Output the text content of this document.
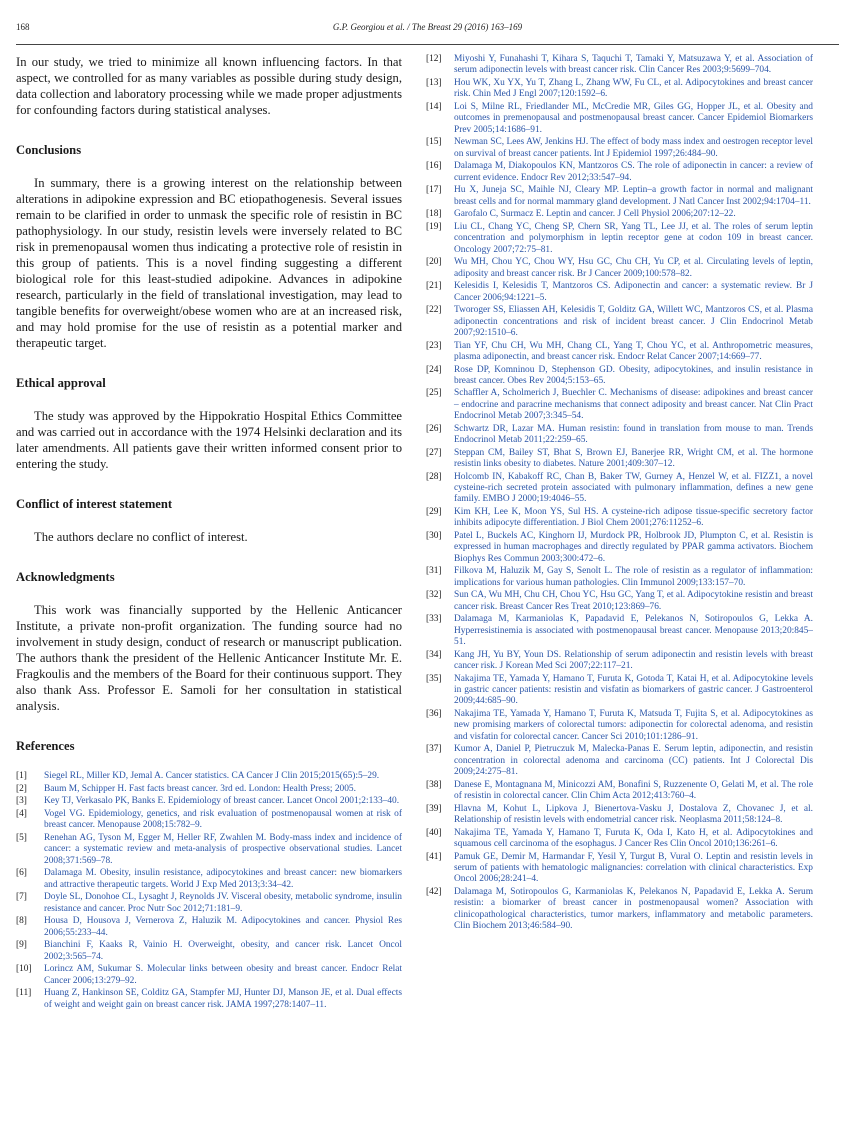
168	G.P. Georgiou et al. / The Breast 29 (2016) 163–169

In our study, we tried to minimize all known influencing factors. In that aspect, we controlled for as many variables as possible during study design, data collection and laboratory processing while we made proper adjustments for confounding factors during statistical analyses.

Conclusions

In summary, there is a growing interest on the relationship between alterations in adipokine expression and BC etiopathogenesis. Several issues remain to be clarified in order to unmask the specific role of resistin in BC pathophysiology. In our study, resistin levels were inversely related to BC risk in premenopausal women thus indicating a protective role of resistin in this group of patients. This is a novel finding suggesting a different biological role for this least-studied adipokine. Advances in adipokine research, particularly in the field of translational investigation, may lead to tangible benefits for overweight/obese women who are at an increased risk, and may hold promise for the use of resistin as a potential marker and therapeutic target.

Ethical approval

The study was approved by the Hippokratio Hospital Ethics Committee and was carried out in accordance with the 1974 Helsinki declaration and its later amendments. All patients gave their written informed consent prior to entering the study.

Conflict of interest statement

The authors declare no conflict of interest.

Acknowledgments

This work was financially supported by the Hellenic Anticancer Institute, a private non-profit organization. The funding source had no involvement in study design, conduct of research or manuscript publication. The authors thank the president of the Hellenic Anticancer Institute Mr. E. Fragkoulis and the members of the Board for their continuous support. They also thank Ass. Professor E. Samoli for her consultation in statistical analysis.

References
[1] Siegel RL, Miller KD, Jemal A. Cancer statistics. CA Cancer J Clin 2015;2015(65):5–29.
[2] Baum M, Schipper H. Fast facts breast cancer. 3rd ed. London: Health Press; 2005.
[3] Key TJ, Verkasalo PK, Banks E. Epidemiology of breast cancer. Lancet Oncol 2001;2:133–40.
[4] Vogel VG. Epidemiology, genetics, and risk evaluation of postmenopausal women at risk of breast cancer. Menopause 2008;15:782–9.
[5] Renehan AG, Tyson M, Egger M, Heller RF, Zwahlen M. Body-mass index and incidence of cancer: a systematic review and meta-analysis of prospective observational studies. Lancet 2008;371:569–78.
[6] Dalamaga M. Obesity, insulin resistance, adipocytokines and breast cancer: new biomarkers and attractive therapeutic targets. World J Exp Med 2013;3:34–42.
[7] Doyle SL, Donohoe CL, Lysaght J, Reynolds JV. Visceral obesity, metabolic syndrome, insulin resistance and cancer. Proc Nutr Soc 2012;71:181–9.
[8] Housa D, Housova J, Vernerova Z, Haluzik M. Adipocytokines and cancer. Physiol Res 2006;55:233–44.
[9] Bianchini F, Kaaks R, Vainio H. Overweight, obesity, and cancer risk. Lancet Oncol 2002;3:565–74.
[10] Lorincz AM, Sukumar S. Molecular links between obesity and breast cancer. Endocr Relat Cancer 2006;13:279–92.
[11] Huang Z, Hankinson SE, Colditz GA, Stampfer MJ, Hunter DJ, Manson JE, et al. Dual effects of weight and weight gain on breast cancer risk. JAMA 1997;278:1407–11.
[12] Miyoshi Y, Funahashi T, Kihara S, Taquchi T, Tamaki Y, Matsuzawa Y, et al. Association of serum adiponectin levels with breast cancer risk. Clin Cancer Res 2003;9:5699–704.
[13] Hou WK, Xu YX, Yu T, Zhang L, Zhang WW, Fu CL, et al. Adipocytokines and breast cancer risk. Chin Med J Engl 2007;120:1592–6.
[14] Loi S, Milne RL, Friedlander ML, McCredie MR, Giles GG, Hopper JL, et al. Obesity and outcomes in premenopausal and postmenopausal breast cancer. Cancer Epidemiol Biomarkers Prev 2005;14:1686–91.
[15] Newman SC, Lees AW, Jenkins HJ. The effect of body mass index and oestrogen receptor level on survival of breast cancer patients. Int J Epidemiol 1997;26:484–90.
[16] Dalamaga M, Diakopoulos KN, Mantzoros CS. The role of adiponectin in cancer: a review of current evidence. Endocr Rev 2012;33:547–94.
[17] Hu X, Juneja SC, Maihle NJ, Cleary MP. Leptin–a growth factor in normal and malignant breast cells and for normal mammary gland development. J Natl Cancer Inst 2002;94:1704–11.
[18] Garofalo C, Surmacz E. Leptin and cancer. J Cell Physiol 2006;207:12–22.
[19] Liu CL, Chang YC, Cheng SP, Chern SR, Yang TL, Lee JJ, et al. The roles of serum leptin concentration and polymorphism in leptin receptor gene at codon 109 in breast cancer. Oncology 2007;72:75–81.
[20] Wu MH, Chou YC, Chou WY, Hsu GC, Chu CH, Yu CP, et al. Circulating levels of leptin, adiposity and breast cancer risk. Br J Cancer 2009;100:578–82.
[21] Kelesidis I, Kelesidis T, Mantzoros CS. Adiponectin and cancer: a systematic review. Br J Cancer 2006;94:1221–5.
[22] Tworoger SS, Eliassen AH, Kelesidis T, Golditz GA, Willett WC, Mantzoros CS, et al. Plasma adiponectin concentrations and risk of incident breast cancer. J Clin Endocrinol Metab 2007;92:1510–6.
[23] Tian YF, Chu CH, Wu MH, Chang CL, Yang T, Chou YC, et al. Anthropometric measures, plasma adiponectin, and breast cancer risk. Endocr Relat Cancer 2007;14:669–77.
[24] Rose DP, Komninou D, Stephenson GD. Obesity, adipocytokines, and insulin resistance in breast cancer. Obes Rev 2004;5:153–65.
[25] Schaffler A, Scholmerich J, Buechler C. Mechanisms of disease: adipokines and breast cancer – endocrine and paracrine mechanisms that connect adiposity and breast cancer. Nat Clin Pract Endocrinol Metab 2007;3:345–54.
[26] Schwartz DR, Lazar MA. Human resistin: found in translation from mouse to man. Trends Endocrinol Metab 2011;22:259–65.
[27] Steppan CM, Bailey ST, Bhat S, Brown EJ, Banerjee RR, Wright CM, et al. The hormone resistin links obesity to diabetes. Nature 2001;409:307–12.
[28] Holcomb IN, Kabakoff RC, Chan B, Baker TW, Gurney A, Henzel W, et al. FIZZ1, a novel cysteine-rich secreted protein associated with pulmonary inflammation, defines a new gene family. EMBO J 2000;19:4046–55.
[29] Kim KH, Lee K, Moon YS, Sul HS. A cysteine-rich adipose tissue-specific secretory factor inhibits adipocyte differentiation. J Biol Chem 2001;276:11252–6.
[30] Patel L, Buckels AC, Kinghorn IJ, Murdock PR, Holbrook JD, Plumpton C, et al. Resistin is expressed in human macrophages and directly regulated by PPAR gamma activators. Biochem Biophys Res Commun 2003;300:472–6.
[31] Filkova M, Haluzik M, Gay S, Senolt L. The role of resistin as a regulator of inflammation: implications for various human pathologies. Clin Immunol 2009;133:157–70.
[32] Sun CA, Wu MH, Chu CH, Chou YC, Hsu GC, Yang T, et al. Adipocytokine resistin and breast cancer risk. Breast Cancer Res Treat 2010;123:869–76.
[33] Dalamaga M, Karmaniolas K, Papadavid E, Pelekanos N, Sotiropoulos G, Lekka A. Hyperresistinemia is associated with postmenopausal breast cancer. Menopause 2013;20:845–51.
[34] Kang JH, Yu BY, Youn DS. Relationship of serum adiponectin and resistin levels with breast cancer risk. J Korean Med Sci 2007;22:117–21.
[35] Nakajima TE, Yamada Y, Hamano T, Furuta K, Gotoda T, Katai H, et al. Adipocytokine levels in gastric cancer patients: resistin and visfatin as biomarkers of gastric cancer. J Gastroenterol 2009;44:685–90.
[36] Nakajima TE, Yamada Y, Hamano T, Furuta K, Matsuda T, Fujita S, et al. Adipocytokines as new promising markers of colorectal tumors: adiponectin for colorectal adenoma, and resistin and visfatin for colorectal cancer. Cancer Sci 2010;101:1286–91.
[37] Kumor A, Daniel P, Pietruczuk M, Malecka-Panas E. Serum leptin, adiponectin, and resistin concentration in colorectal adenoma and carcinoma (CC) patients. Int J Colorectal Dis 2009;24:275–81.
[38] Danese E, Montagnana M, Minicozzi AM, Bonafini S, Ruzzenente O, Gelati M, et al. The role of resistin in colorectal cancer. Clin Chim Acta 2012;413:760–4.
[39] Hlavna M, Kohut L, Lipkova J, Bienertova-Vasku J, Dostalova Z, Chovanec J, et al. Relationship of resistin levels with endometrial cancer risk. Neoplasma 2011;58:124–8.
[40] Nakajima TE, Yamada Y, Hamano T, Furuta K, Oda I, Kato H, et al. Adipocytokines and squamous cell carcinoma of the esophagus. J Cancer Res Clin Oncol 2010;136:261–6.
[41] Pamuk GE, Demir M, Harmandar F, Yesil Y, Turgut B, Vural O. Leptin and resistin levels in serum of patients with hematologic malignancies: correlation with clinical characteristics. Exp Oncol 2006;28:241–4.
[42] Dalamaga M, Sotiropoulos G, Karmaniolas K, Pelekanos N, Papadavid E, Lekka A. Serum resistin: a biomarker of breast cancer in postmenopausal women? Association with clinicopathological characteristics, tumor markers, inflammatory and metabolic parameters. Clin Biochem 2013;46:584–90.
